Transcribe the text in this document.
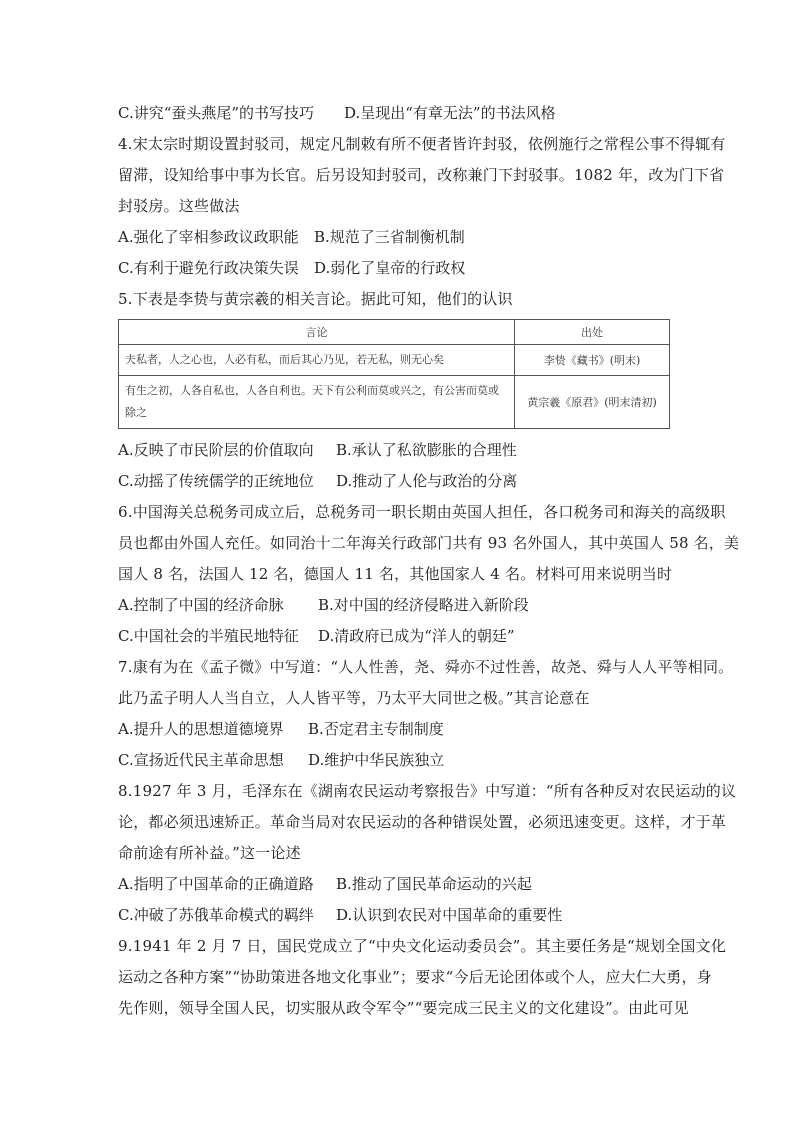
C.讲究“蚕头燕尾”的书写技巧	D.呈现出“有章无法”的书法风格
4.宋太宗时期设置封驳司，规定凡制敕有所不便者皆许封驳，依例施行之常程公事不得辄有
留滞，设知给事中事为长官。后另设知封驳司，改称兼门下封驳事。1082 年，改为门下省
封驳房。这些做法
A.强化了宰相参政议政职能	B.规范了三省制衡机制
C.有利于避免行政决策失误	D.弱化了皇帝的行政权
5.下表是李贽与黄宗羲的相关言论。据此可知，他们的认识
言论	出处
夫私者，人之心也，人必有私，而后其心乃见，若无私，则无心矣	李贽《藏书》(明末)
有生之初，人各自私也，人各自利也。天下有公利而莫或兴之，有公害而莫或除之	黄宗羲《原君》(明末清初)
A.反映了市民阶层的价值取向	B.承认了私欲膨胀的合理性
C.动摇了传统儒学的正统地位	D.推动了人伦与政治的分离
6.中国海关总税务司成立后，总税务司一职长期由英国人担任，各口税务司和海关的高级职
员也都由外国人充任。如同治十二年海关行政部门共有 93 名外国人，其中英国人 58 名，美
国人 8 名，法国人 12 名，德国人 11 名，其他国家人 4 名。材料可用来说明当时
A.控制了中国的经济命脉	B.对中国的经济侵略进入新阶段
C.中国社会的半殖民地特征	D.清政府已成为“洋人的朝廷”
7.康有为在《孟子微》中写道：“人人性善，尧、舜亦不过性善，故尧、舜与人人平等相同。
此乃孟子明人人当自立，人人皆平等，乃太平大同世之极。”其言论意在
A.提升人的思想道德境界	B.否定君主专制制度
C.宣扬近代民主革命思想	D.维护中华民族独立
8.1927 年 3 月，毛泽东在《湖南农民运动考察报告》中写道：“所有各种反对农民运动的议
论，都必须迅速矫正。革命当局对农民运动的各种错误处置，必须迅速变更。这样，才于革
命前途有所补益。”这一论述
A.指明了中国革命的正确道路	B.推动了国民革命运动的兴起
C.冲破了苏俄革命模式的羁绊	D.认识到农民对中国革命的重要性
9.1941 年 2 月 7 日，国民党成立了“中央文化运动委员会”。其主要任务是“规划全国文化
运动之各种方案”“协助策进各地文化事业”；要求“今后无论团体或个人，应大仁大勇，身
先作则，领导全国人民，切实服从政令军令”“要完成三民主义的文化建设”。由此可见
